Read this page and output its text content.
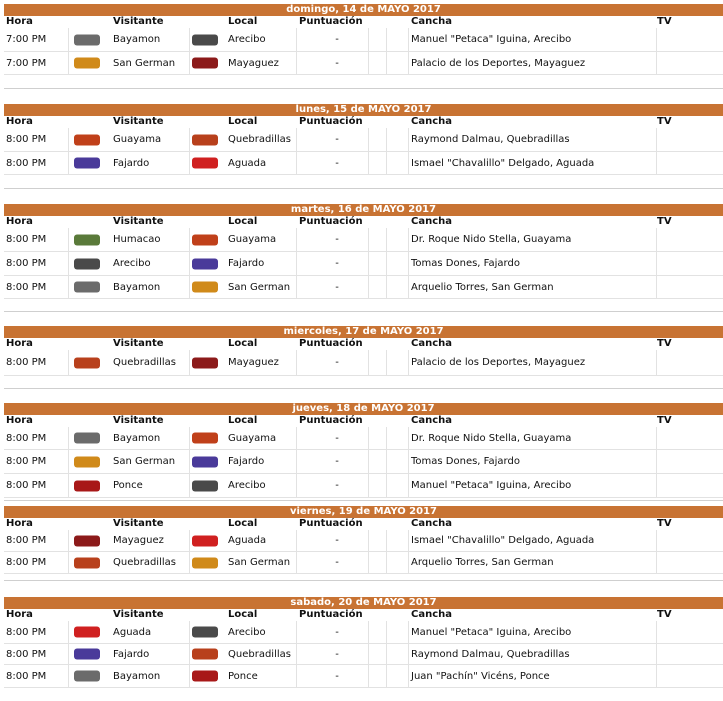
domingo, 14 de MAYO 2017
Hora	Visitante	Local	Puntuación	Cancha	TV
7:00 PM	Bayamon	Arecibo	-	Manuel "Petaca" Iguina, Arecibo
7:00 PM	San German	Mayaguez	-	Palacio de los Deportes, Mayaguez
lunes, 15 de MAYO 2017
Hora	Visitante	Local	Puntuación	Cancha	TV
8:00 PM	Guayama	Quebradillas	-	Raymond Dalmau, Quebradillas
8:00 PM	Fajardo	Aguada	-	Ismael "Chavalillo" Delgado, Aguada
martes, 16 de MAYO 2017
Hora	Visitante	Local	Puntuación	Cancha	TV
8:00 PM	Humacao	Guayama	-	Dr. Roque Nido Stella, Guayama
8:00 PM	Arecibo	Fajardo	-	Tomas Dones, Fajardo
8:00 PM	Bayamon	San German	-	Arquelio Torres, San German
miercoles, 17 de MAYO 2017
Hora	Visitante	Local	Puntuación	Cancha	TV
8:00 PM	Quebradillas	Mayaguez	-	Palacio de los Deportes, Mayaguez
jueves, 18 de MAYO 2017
Hora	Visitante	Local	Puntuación	Cancha	TV
8:00 PM	Bayamon	Guayama	-	Dr. Roque Nido Stella, Guayama
8:00 PM	San German	Fajardo	-	Tomas Dones, Fajardo
8:00 PM	Ponce	Arecibo	-	Manuel "Petaca" Iguina, Arecibo
viernes, 19 de MAYO 2017
Hora	Visitante	Local	Puntuación	Cancha	TV
8:00 PM	Mayaguez	Aguada	-	Ismael "Chavalillo" Delgado, Aguada
8:00 PM	Quebradillas	San German	-	Arquelio Torres, San German
sabado, 20 de MAYO 2017
Hora	Visitante	Local	Puntuación	Cancha	TV
8:00 PM	Aguada	Arecibo	-	Manuel "Petaca" Iguina, Arecibo
8:00 PM	Fajardo	Quebradillas	-	Raymond Dalmau, Quebradillas
8:00 PM	Bayamon	Ponce	-	Juan "Pachín" Vicéns, Ponce
